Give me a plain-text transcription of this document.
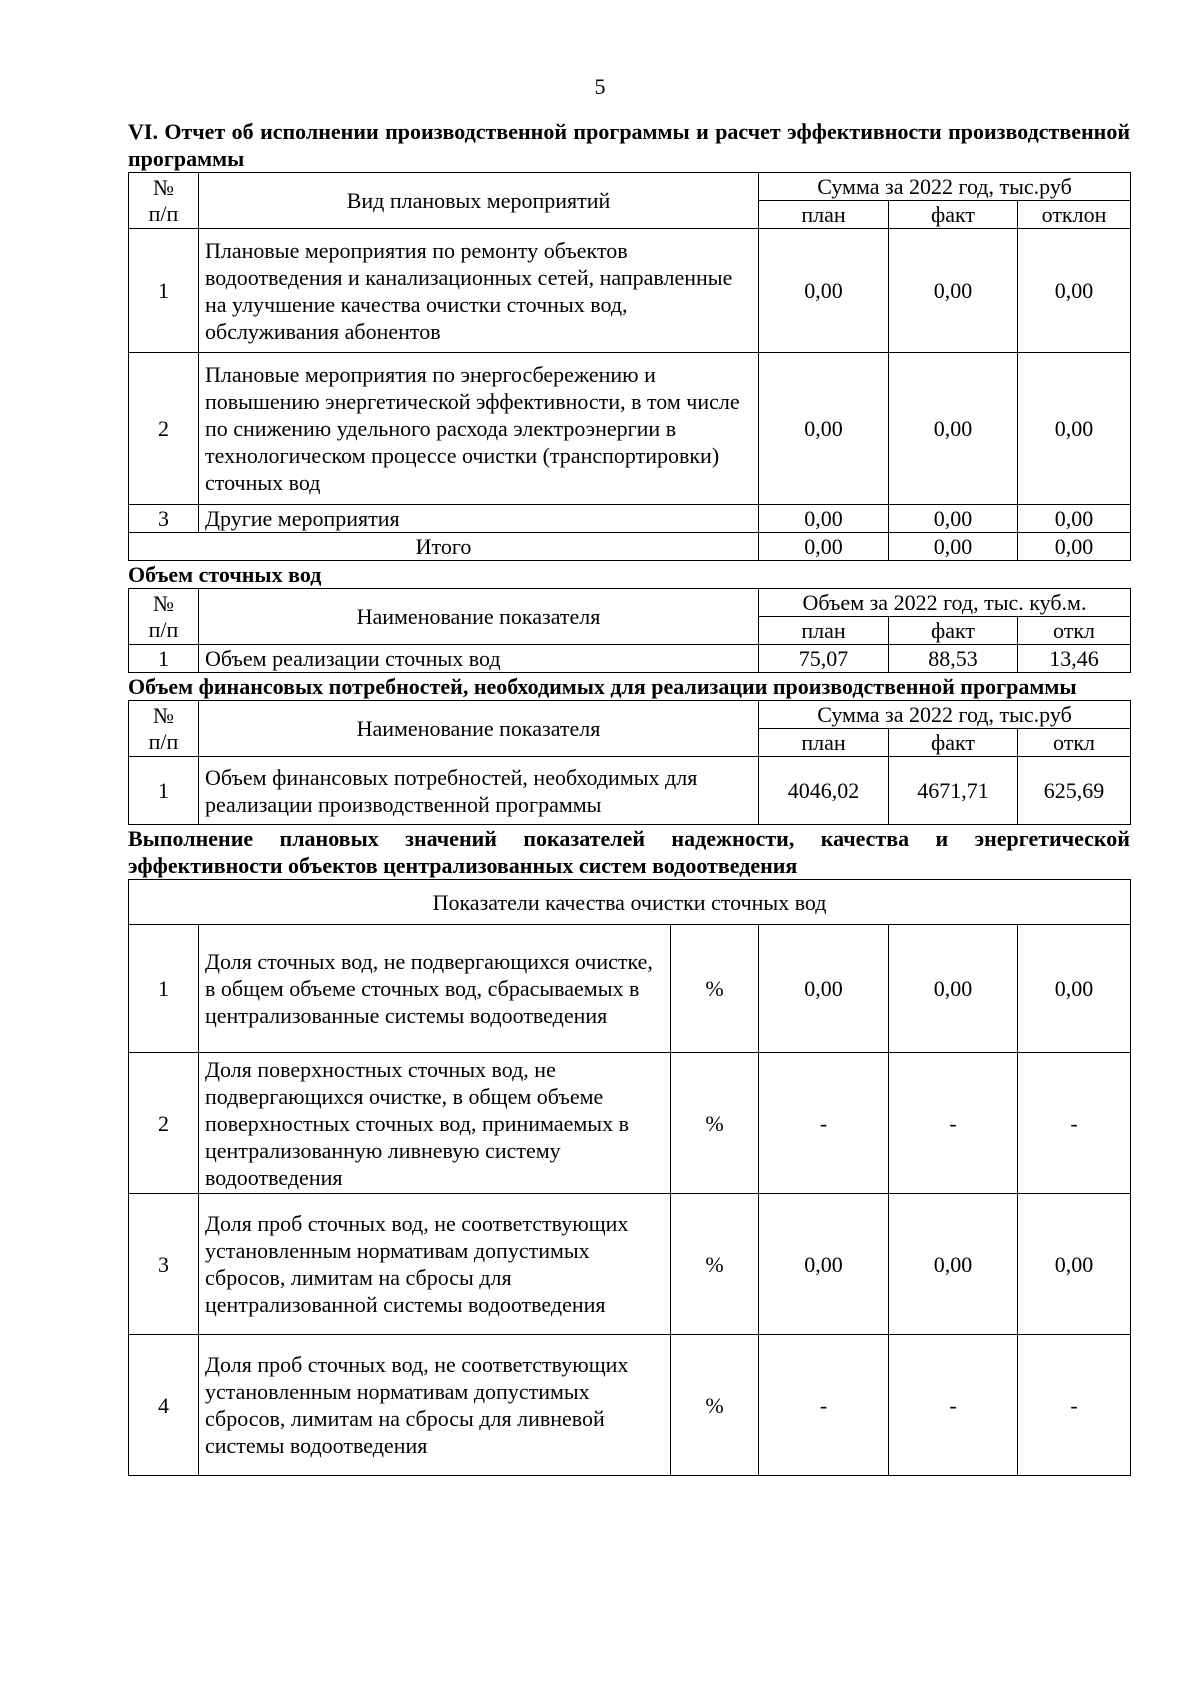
5

VI. Отчет об исполнении производственной программы и расчет эффективности производственной программы

№
п/п	Вид плановых мероприятий	Сумма за 2022 год, тыс.руб		
		план	факт	отклон
1	Плановые мероприятия по ремонту объектов водоотведения и канализационных сетей, направленные на улучшение качества очистки сточных вод, обслуживания абонентов	0,00	0,00	0,00
2	Плановые мероприятия по энергосбережению и повышению энергетической эффективности, в том числе по снижению удельного расхода электроэнергии в технологическом процессе очистки (транспортировки) сточных вод	0,00	0,00	0,00
3	Другие мероприятия	0,00	0,00	0,00
Итого		0,00	0,00	0,00

Объем сточных вод

№
п/п	Наименование показателя	Объем за 2022 год, тыс. куб.м.		
		план	факт	откл
1	Объем реализации сточных вод	75,07	88,53	13,46

Объем финансовых потребностей, необходимых для реализации производственной программы

№
п/п	Наименование показателя	Сумма за 2022 год, тыс.руб		
		план	факт	откл
1	Объем финансовых потребностей, необходимых для реализации производственной программы	4046,02	4671,71	625,69

Выполнение плановых значений показателей надежности, качества и энергетической эффективности объектов централизованных систем водоотведения

Показатели качества очистки сточных вод					
1	Доля сточных вод, не подвергающихся очистке, в общем объеме сточных вод, сбрасываемых в централизованные системы водоотведения	%	0,00	0,00	0,00
2	Доля поверхностных сточных вод, не подвергающихся очистке, в общем объеме поверхностных сточных вод, принимаемых в централизованную ливневую систему водоотведения	%	-	-	-
3	Доля проб сточных вод, не соответствующих установленным нормативам допустимых сбросов, лимитам на сбросы для централизованной системы водоотведения	%	0,00	0,00	0,00
4	Доля проб сточных вод, не соответствующих установленным нормативам допустимых сбросов, лимитам на сбросы для ливневой системы водоотведения	%	-	-	-
